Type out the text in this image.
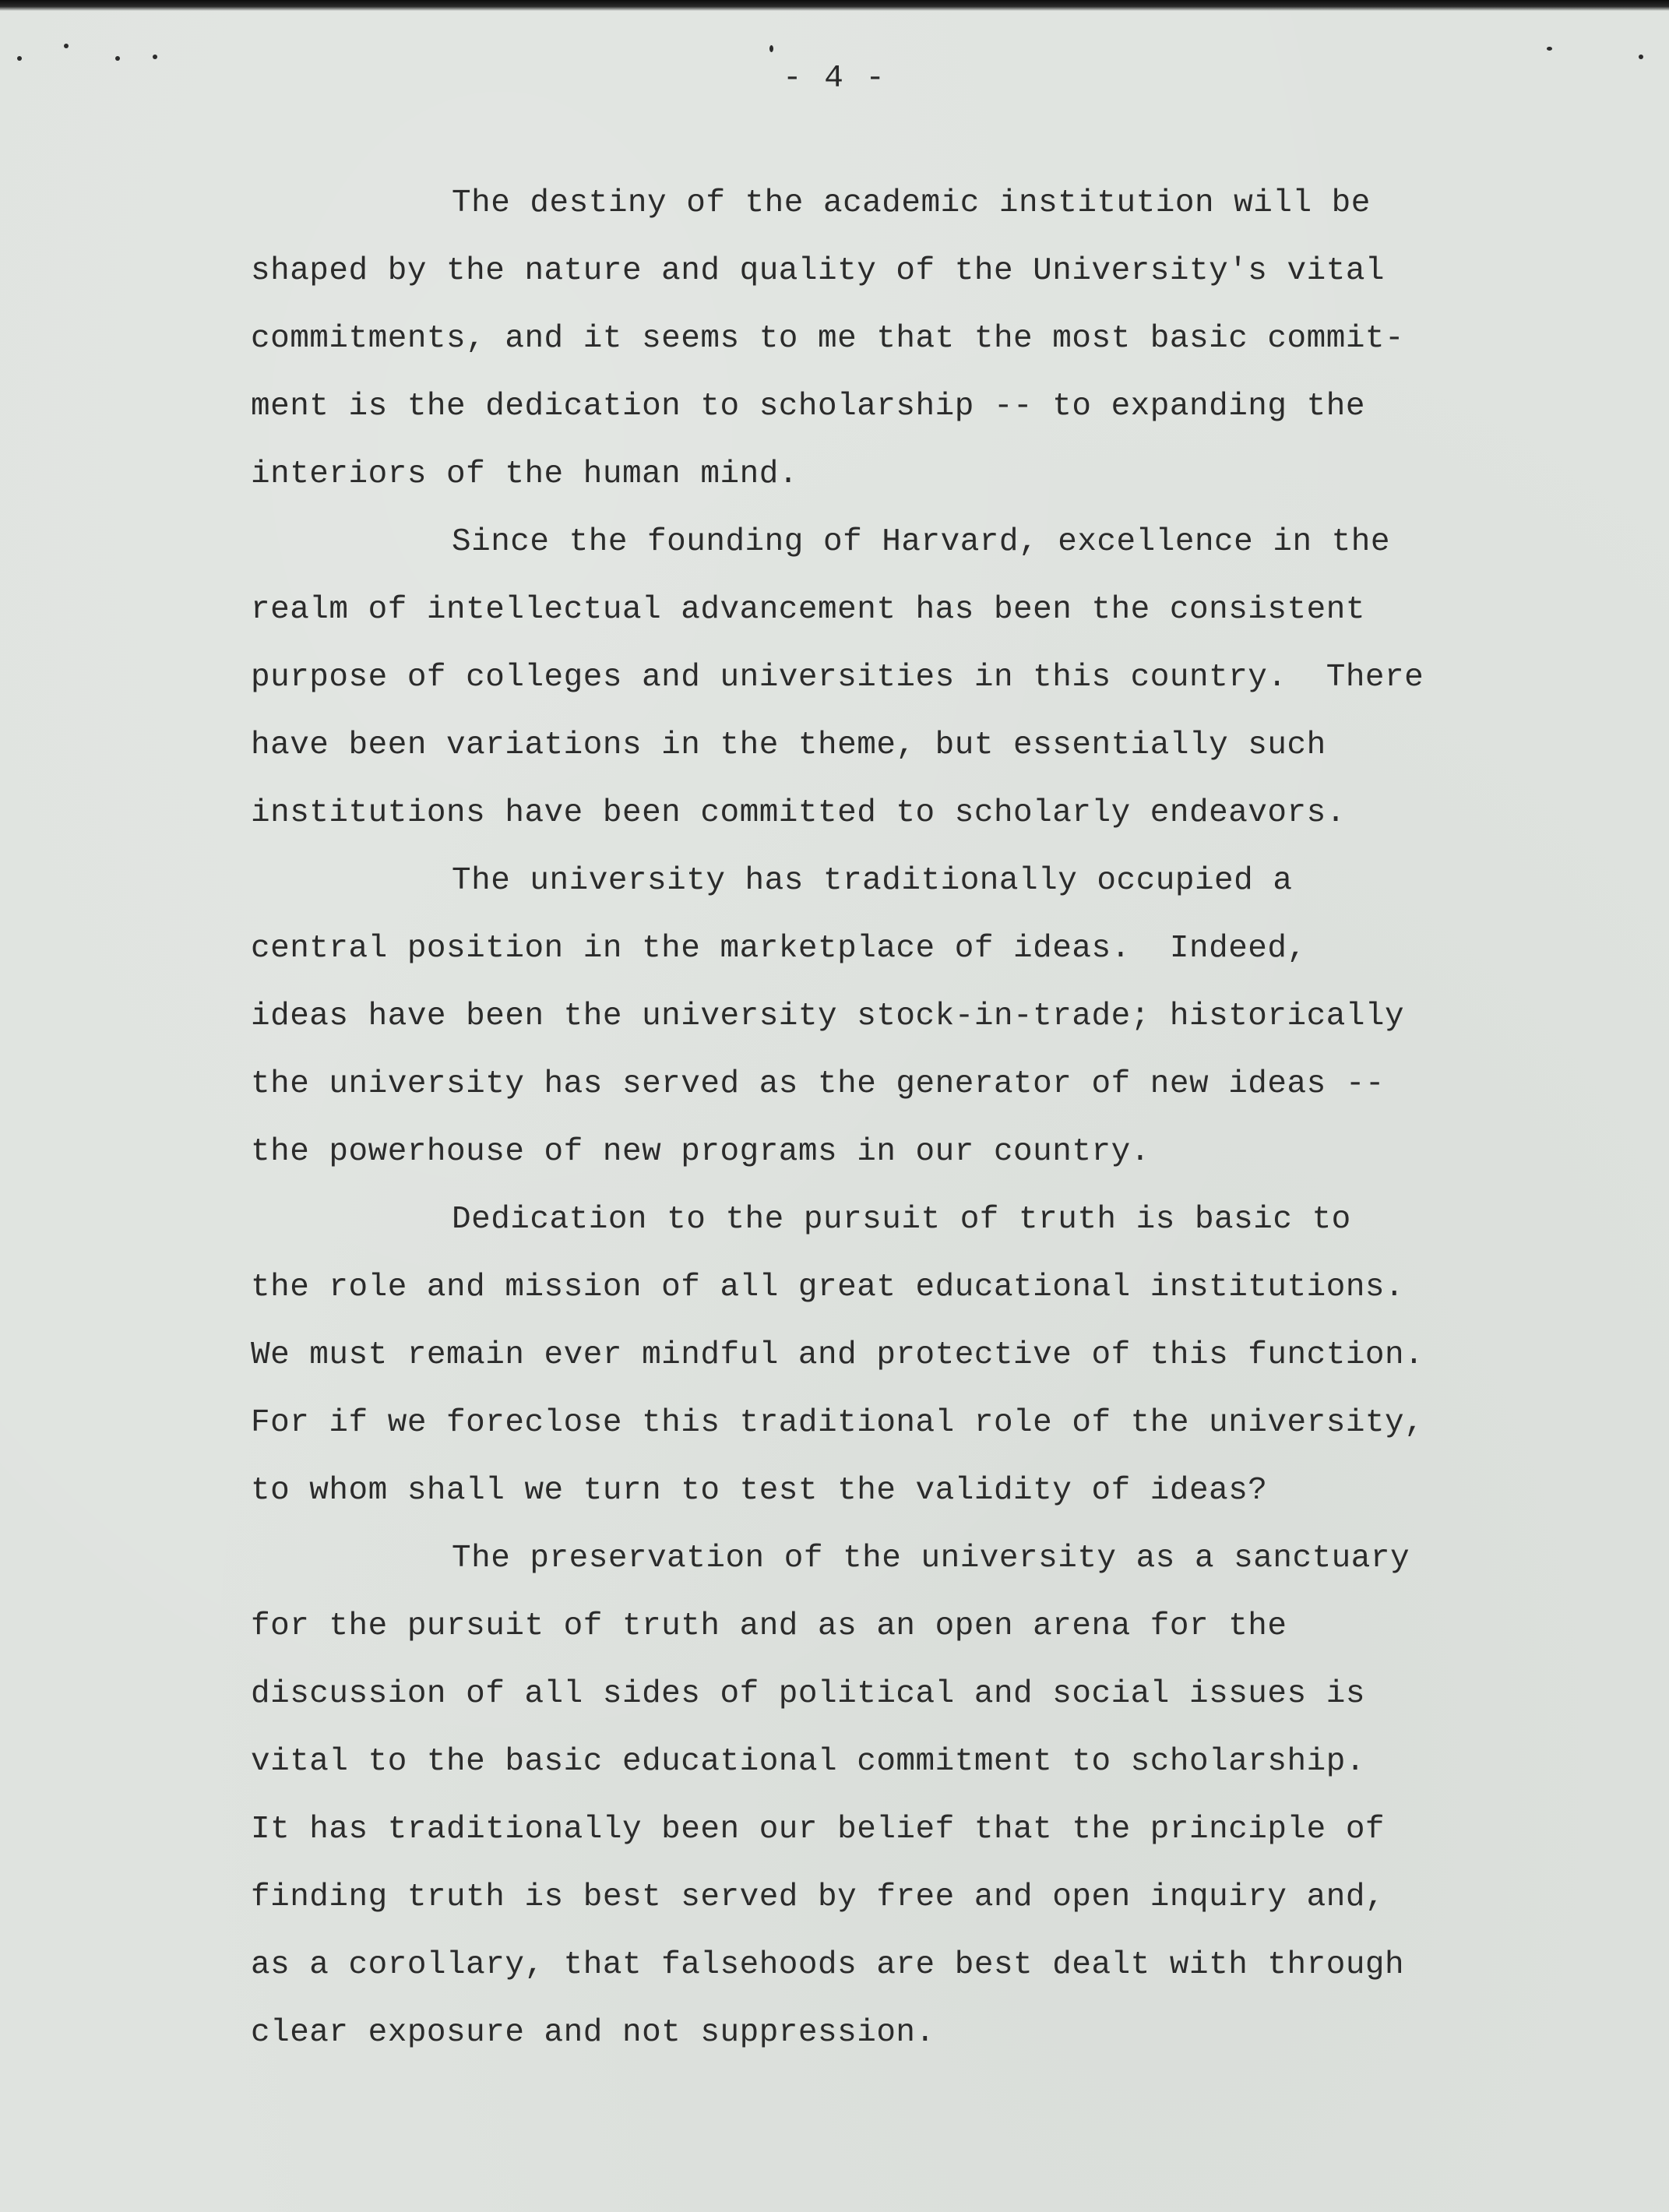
- 4 -
The destiny of the academic institution will be
shaped by the nature and quality of the University's vital
commitments, and it seems to me that the most basic commit-
ment is the dedication to scholarship -- to expanding the
interiors of the human mind.
Since the founding of Harvard, excellence in the
realm of intellectual advancement has been the consistent
purpose of colleges and universities in this country.  There
have been variations in the theme, but essentially such
institutions have been committed to scholarly endeavors.
The university has traditionally occupied a
central position in the marketplace of ideas.  Indeed,
ideas have been the university stock-in-trade; historically
the university has served as the generator of new ideas --
the powerhouse of new programs in our country.
Dedication to the pursuit of truth is basic to
the role and mission of all great educational institutions.
We must remain ever mindful and protective of this function.
For if we foreclose this traditional role of the university,
to whom shall we turn to test the validity of ideas?
The preservation of the university as a sanctuary
for the pursuit of truth and as an open arena for the
discussion of all sides of political and social issues is
vital to the basic educational commitment to scholarship.
It has traditionally been our belief that the principle of
finding truth is best served by free and open inquiry and,
as a corollary, that falsehoods are best dealt with through
clear exposure and not suppression.
